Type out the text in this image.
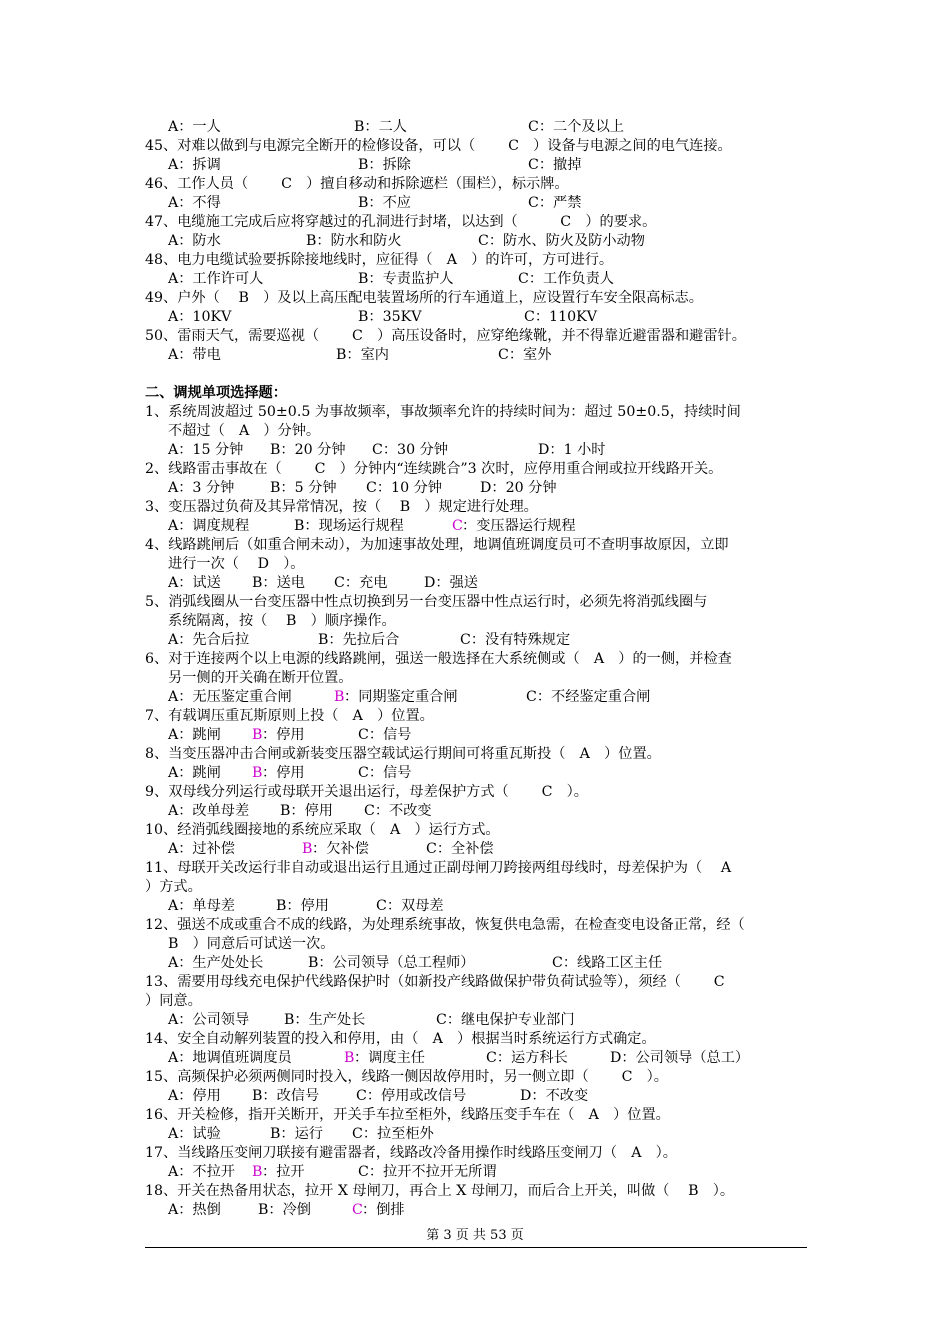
A：一人	B：二人	C：二个及以上
45、对难以做到与电源完全断开的检修设备，可以（　　 C　）设备与电源之间的电气连接。
A：拆调	B：拆除	C：撤掉
46、工作人员（　　 C　）擅自移动和拆除遮栏（围栏），标示牌。
A：不得	B：不应	C：严禁
47、电缆施工完成后应将穿越过的孔洞进行封堵，以达到（　　　C　）的要求。
A：防水	B：防水和防火	C：防水、防火及防小动物
48、电力电缆试验要拆除接地线时，应征得（　A　）的许可，方可进行。
A：工作许可人	B：专责监护人	C：工作负责人
49、户外（　 B　）及以上高压配电装置场所的行车通道上，应设置行车安全限高标志。
A：10KV	B：35KV	C：110KV
50、雷雨天气，需要巡视（　　 C　）高压设备时，应穿绝缘靴，并不得靠近避雷器和避雷针。
A：带电	B：室内	C：室外
二、调规单项选择题：
1、系统周波超过 50±0.5 为事故频率，事故频率允许的持续时间为：超过 50±0.5，持续时间
不超过（　A　）分钟。
A：15 分钟 B：20 分钟 C：30 分钟	D：1 小时
2、线路雷击事故在（　　 C　）分钟内“连续跳合”3 次时，应停用重合闸或拉开线路开关。
A：3 分钟	B：5 分钟 C：10 分钟	D：20 分钟
3、变压器过负荷及其异常情况，按（　 B　）规定进行处理。
A：调度规程	B：现场运行规程	C ：变压器运行规程
4、线路跳闸后（如重合闸未动），为加速事故处理，地调值班调度员可不查明事故原因，立即
进行一次（　 D　）。
A：试送 B：送电 C：充电	D：强送
5、消弧线圈从一台变压器中性点切换到另一台变压器中性点运行时，必须先将消弧线圈与
系统隔离，按（　 B　）顺序操作。
A：先合后拉	B：先拉后合	C：没有特殊规定
6、对于连接两个以上电源的线路跳闸，强送一般选择在大系统侧或（　A　）的一侧，并检查
另一侧的开关确在断开位置。
A：无压鉴定重合闸	B ：同期鉴定重合闸	C：不经鉴定重合闸
7、有载调压重瓦斯原则上投（　A　）位置。
A：跳闸 B ：停用	C：信号
8、当变压器冲击合闸或新装变压器空载试运行期间可将重瓦斯投（　A　）位置。
A：跳闸 B ：停用	C：信号
9、双母线分列运行或母联开关退出运行，母差保护方式（　　 C　）。
A：改单母差 B：停用 C：不改变
10、经消弧线圈接地的系统应采取（　A　）运行方式。
A：过补偿	B ：欠补偿	C：全补偿
11、母联开关改运行非自动或退出运行且通过正副母闸刀跨接两组母线时，母差保护为（　 A
）方式。
A：单母差	B：停用	C：双母差
12、强送不成或重合不成的线路，为处理系统事故，恢复供电急需，在检查变电设备正常，经（
B　）同意后可试送一次。
A：生产处处长	B：公司领导（总工程师）	C：线路工区主任
13、需要用母线充电保护代线路保护时（如新投产线路做保护带负荷试验等），须经（　　 C
）同意。
A：公司领导 B：生产处长	C：继电保护专业部门
14、安全自动解列装置的投入和停用，由（　A　）根据当时系统运行方式确定。
A：地调值班调度员	B ：调度主任	C：运方科长	D：公司领导（总工）
15、高频保护必须两侧同时投入，线路一侧因故停用时，另一侧立即（　　 C　）。
A：停用 B：改信号	C：停用或改信号	D：不改变
16、开关检修，指开关断开，开关手车拉至柜外，线路压变手车在（　A　）位置。
A：试验	B：运行 C：拉至柜外
17、当线路压变闸刀联接有避雷器者，线路改冷备用操作时线路压变闸刀（　A　）。
A：不拉开 B ：拉开	C：拉开不拉开无所谓
18、开关在热备用状态，拉开 X 母闸刀，再合上 X 母闸刀，而后合上开关，叫做（　 B　）。
A：热倒	B：冷倒	C ：倒排
第 3 页 共 53 页
